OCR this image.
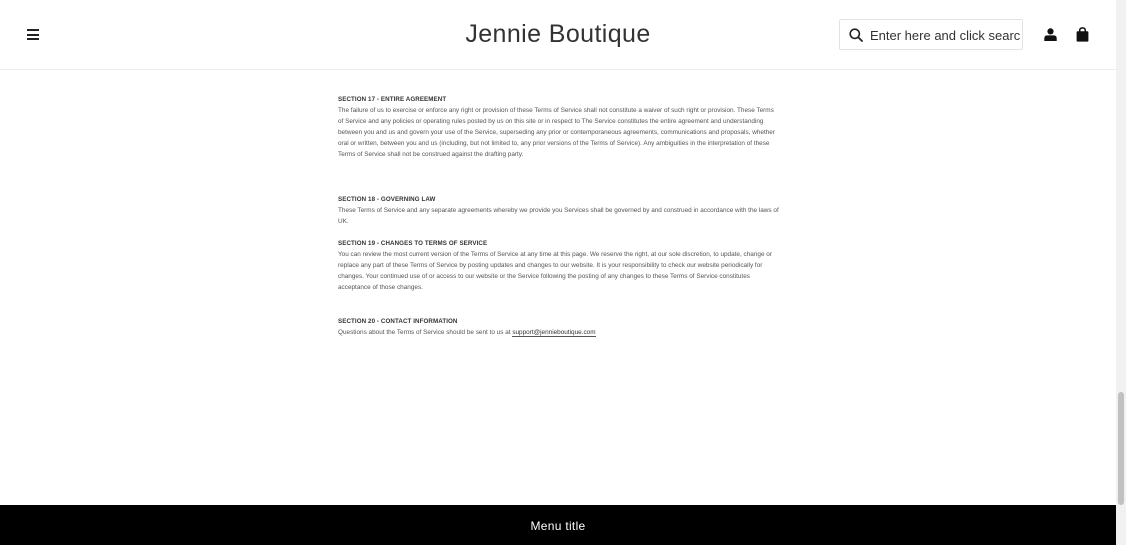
Jennie Boutique
Enter here and click search
SECTION 17 - ENTIRE AGREEMENT
The failure of us to exercise or enforce any right or provision of these Terms of Service shall not constitute a waiver of such right or provision. These Terms of Service and any policies or operating rules posted by us on this site or in respect to The Service constitutes the entire agreement and understanding between you and us and govern your use of the Service, superseding any prior or contemporaneous agreements, communications and proposals, whether oral or written, between you and us (including, but not limited to, any prior versions of the Terms of Service). Any ambiguities in the interpretation of these Terms of Service shall not be construed against the drafting party.
SECTION 18 - GOVERNING LAW
These Terms of Service and any separate agreements whereby we provide you Services shall be governed by and construed in accordance with the laws of UK.
SECTION 19 - CHANGES TO TERMS OF SERVICE
You can review the most current version of the Terms of Service at any time at this page. We reserve the right, at our sole discretion, to update, change or replace any part of these Terms of Service by posting updates and changes to our website. It is your responsibility to check our website periodically for changes. Your continued use of or access to our website or the Service following the posting of any changes to these Terms of Service constitutes acceptance of those changes.
SECTION 20 - CONTACT INFORMATION
Questions about the Terms of Service should be sent to us at support@jennieboutique.com
Menu title
